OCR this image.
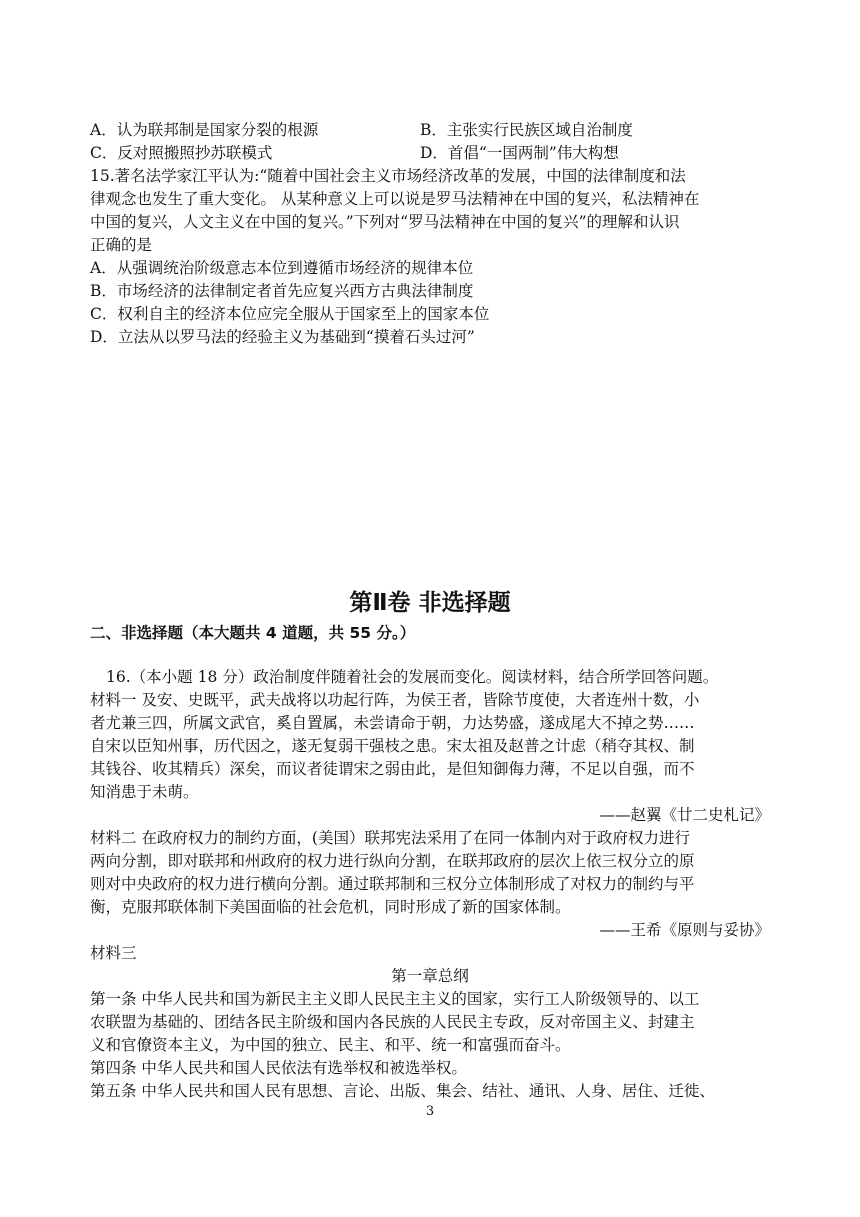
A．认为联邦制是国家分裂的根源	B．主张实行民族区域自治制度
C．反对照搬照抄苏联模式	D．首倡“一国两制”伟大构想
15.著名法学家江平认为:“随着中国社会主义市场经济改革的发展，中国的法律制度和法
律观念也发生了重大变化。 从某种意义上可以说是罗马法精神在中国的复兴，私法精神在
中国的复兴，人文主义在中国的复兴。”下列对“罗马法精神在中国的复兴”的理解和认识
正确的是
A．从强调统治阶级意志本位到遵循市场经济的规律本位
B．市场经济的法律制定者首先应复兴西方古典法律制度
C．权利自主的经济本位应完全服从于国家至上的国家本位
D．立法从以罗马法的经验主义为基础到“摸着石头过河”
第Ⅱ卷 非选择题
二、非选择题（本大题共 4 道题，共 55 分。）
16.（本小题 18 分）政治制度伴随着社会的发展而变化。阅读材料，结合所学回答问题。
材料一 及安、史既平，武夫战将以功起行阵，为侯王者，皆除节度使，大者连州十数，小
者尤兼三四，所属文武官，奚自置属，未尝请命于朝，力达势盛，遂成尾大不掉之势……
自宋以臣知州事，历代因之，遂无复弱干强枝之患。宋太祖及赵普之计虑（稍夺其权、制
其钱谷、收其精兵）深矣，而议者徒谓宋之弱由此，是但知御侮力薄，不足以自强，而不
知消患于未萌。
——赵翼《廿二史札记》
材料二 在政府权力的制约方面，(美国）联邦宪法采用了在同一体制内对于政府权力进行
两向分割，即对联邦和州政府的权力进行纵向分割，在联邦政府的层次上依三权分立的原
则对中央政府的权力进行横向分割。通过联邦制和三权分立体制形成了对权力的制约与平
衡，克服邦联体制下美国面临的社会危机，同时形成了新的国家体制。
——王希《原则与妥协》
材料三
第一章总纲
第一条 中华人民共和国为新民主主义即人民民主主义的国家，实行工人阶级领导的、以工
农联盟为基础的、团结各民主阶级和国内各民族的人民民主专政，反对帝国主义、封建主
义和官僚资本主义，为中国的独立、民主、和平、统一和富强而奋斗。
第四条 中华人民共和国人民依法有选举权和被选举权。
第五条 中华人民共和国人民有思想、言论、出版、集会、结社、通讯、人身、居住、迁徙、
3
